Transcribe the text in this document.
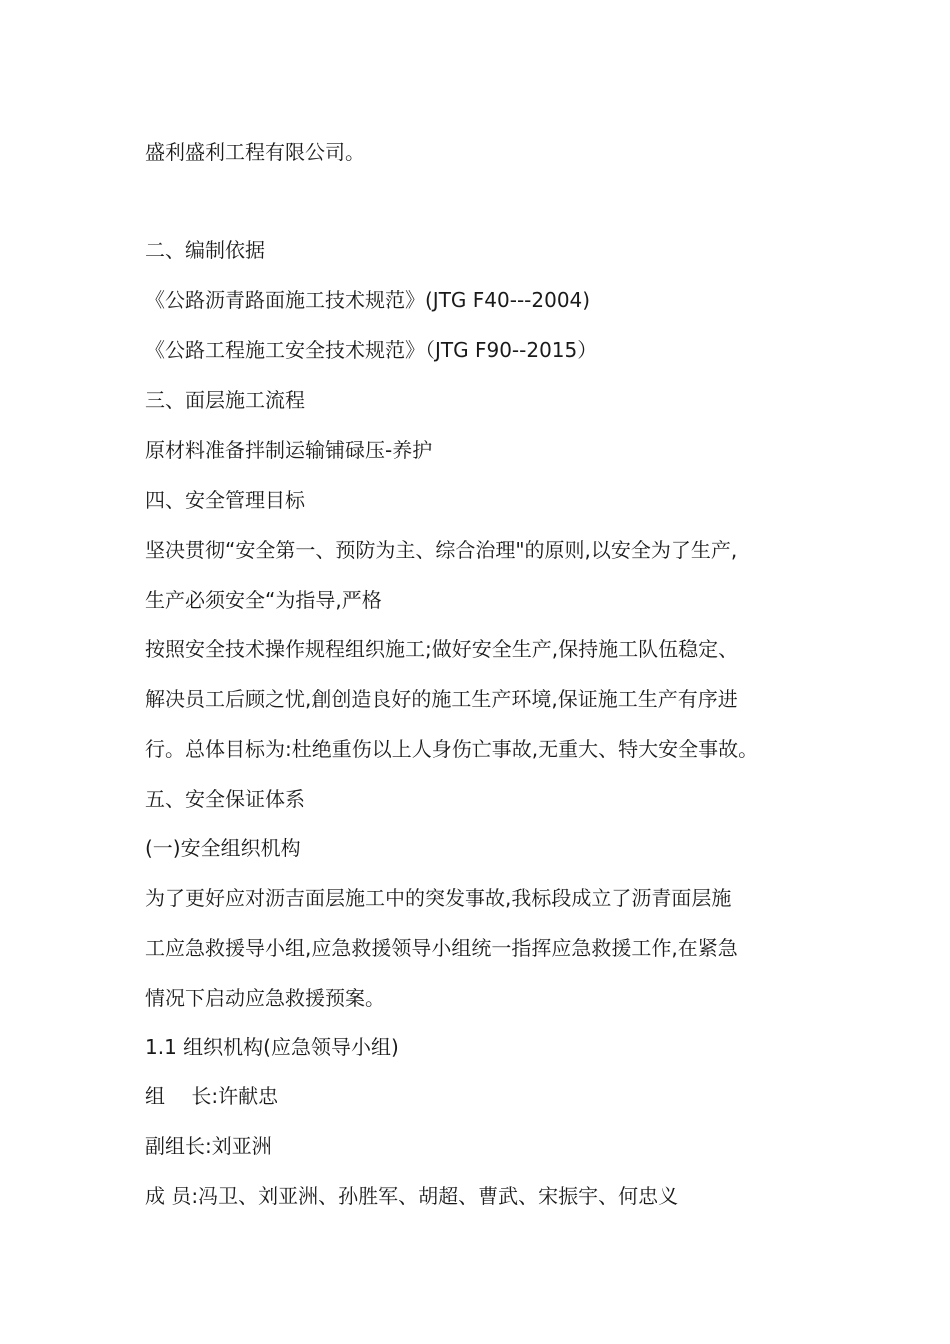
盛利盛利工程有限公司。
二、编制依据
《公路沥青路面施工技术规范》(JTG F40---2004)
《公路工程施工安全技术规范》（JTG F90--2015）
三、面层施工流程
原材料准备拌制运输铺碌压-养护
四、安全管理目标
坚决贯彻“安全第一、预防为主、综合治理"的原则,以安全为了生产,
生产必须安全“为指导,严格
按照安全技术操作规程组织施工;做好安全生产,保持施工队伍稳定、
解决员工后顾之忧,創创造良好的施工生产环境,保证施工生产有序进
行。总体目标为:杜绝重伤以上人身伤亡事故,无重大、特大安全事故。
五、安全保证体系
(一)安全组织机构
为了更好应对沥吉面层施工中的突发事故,我标段成立了沥青面层施
工应急救援导小组,应急救援领导小组统一指挥应急救援工作,在紧急
情况下启动应急救援预案。
1.1 组织机构(应急领导小组)
组　 长:许献忠
副组长:刘亚洲
成 员:冯卫、刘亚洲、孙胜军、胡超、曹武、宋振宇、何忠义
